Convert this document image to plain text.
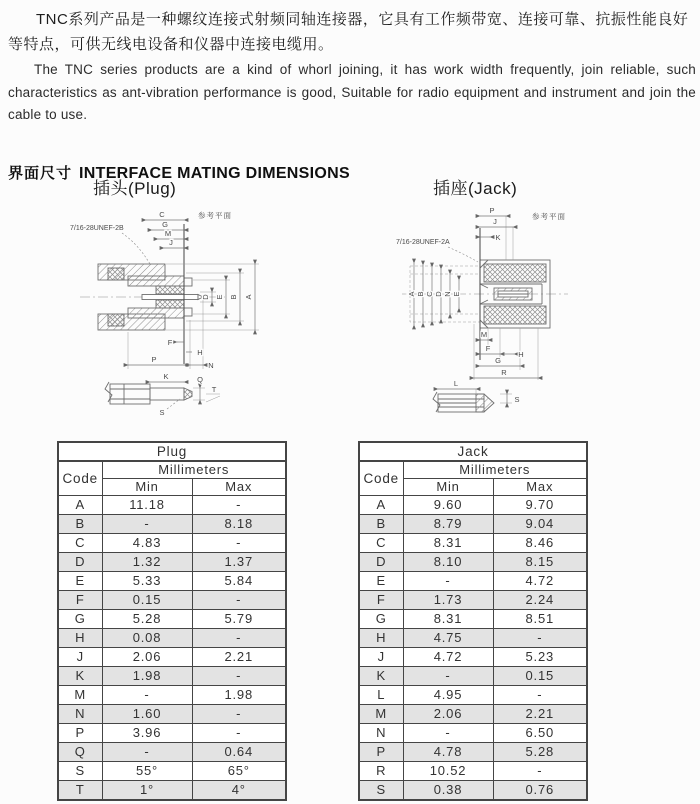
TNC系列产品是一种螺纹连接式射频同轴连接器，它具有工作频带宽、连接可靠、抗振性能良好等特点，可供无线电设备和仪器中连接电缆用。

The TNC series products are a kind of whorl joining, it has work width frequently, join reliable, such characteristics as ant-vibration performance is good, Suitable for radio equipment and instrument and join the cable to use.

界面尺寸 INTERFACE MATING DIMENSIONS
插头(Plug)	插座(Jack)
参考平面
7/16-28UNEF-2B
C
G
M
J
D E B A
F
H
P
N
K	Q
T
S
参考平面
7/16-28UNEF-2A
P
J
K
A B C D N E
M
F
H
G
R
L
S
Plug		
Code	Millimeters	
	Min	Max
A	11.18	-
B	-	8.18
C	4.83	-
D	1.32	1.37
E	5.33	5.84
F	0.15	-
G	5.28	5.79
H	0.08	-
J	2.06	2.21
K	1.98	-
M	-	1.98
N	1.60	-
P	3.96	-
Q	-	0.64
S	55°	65°
T	1°	4°
Jack		
Code	Millimeters	
	Min	Max
A	9.60	9.70
B	8.79	9.04
C	8.31	8.46
D	8.10	8.15
E	-	4.72
F	1.73	2.24
G	8.31	8.51
H	4.75	-
J	4.72	5.23
K	-	0.15
L	4.95	-
M	2.06	2.21
N	-	6.50
P	4.78	5.28
R	10.52	-
S	0.38	0.76
